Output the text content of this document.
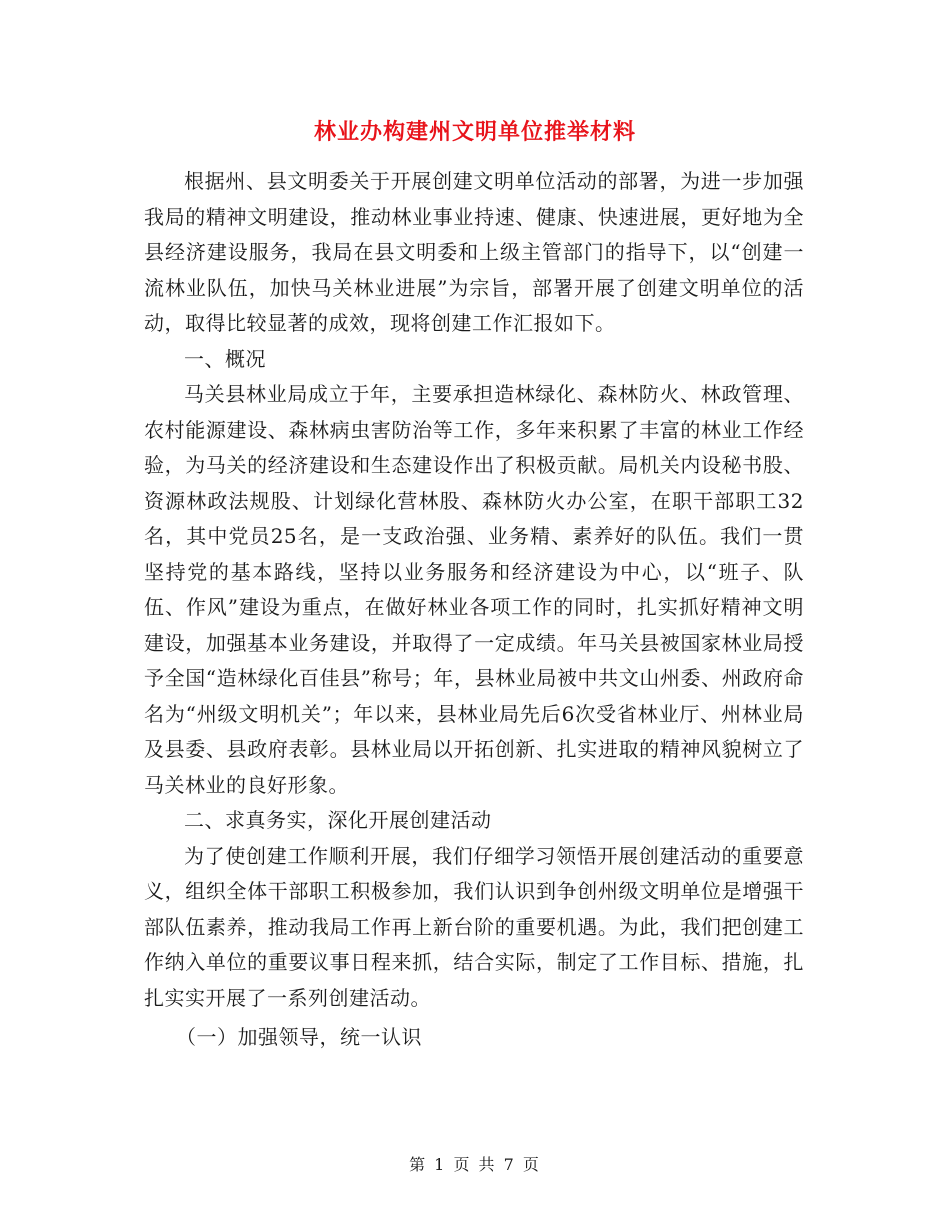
林业办构建州文明单位推举材料

根据州、县文明委关于开展创建文明单位活动的部署，为进一步加强我局的精神文明建设，推动林业事业持速、健康、快速进展，更好地为全县经济建设服务，我局在县文明委和上级主管部门的指导下，以“创建一流林业队伍，加快马关林业进展”为宗旨，部署开展了创建文明单位的活动，取得比较显著的成效，现将创建工作汇报如下。

一、概况

马关县林业局成立于年，主要承担造林绿化、森林防火、林政管理、农村能源建设、森林病虫害防治等工作，多年来积累了丰富的林业工作经验，为马关的经济建设和生态建设作出了积极贡献。局机关内设秘书股、资源林政法规股、计划绿化营林股、森林防火办公室，在职干部职工32名，其中党员25名，是一支政治强、业务精、素养好的队伍。我们一贯坚持党的基本路线，坚持以业务服务和经济建设为中心，以“班子、队伍、作风”建设为重点，在做好林业各项工作的同时，扎实抓好精神文明建设，加强基本业务建设，并取得了一定成绩。年马关县被国家林业局授予全国“造林绿化百佳县”称号；年，县林业局被中共文山州委、州政府命名为“州级文明机关”；年以来，县林业局先后6次受省林业厅、州林业局及县委、县政府表彰。县林业局以开拓创新、扎实进取的精神风貌树立了马关林业的良好形象。

二、求真务实，深化开展创建活动

为了使创建工作顺利开展，我们仔细学习领悟开展创建活动的重要意义，组织全体干部职工积极参加，我们认识到争创州级文明单位是增强干部队伍素养，推动我局工作再上新台阶的重要机遇。为此，我们把创建工作纳入单位的重要议事日程来抓，结合实际，制定了工作目标、措施，扎扎实实开展了一系列创建活动。

（一）加强领导，统一认识

第 1 页 共 7 页
